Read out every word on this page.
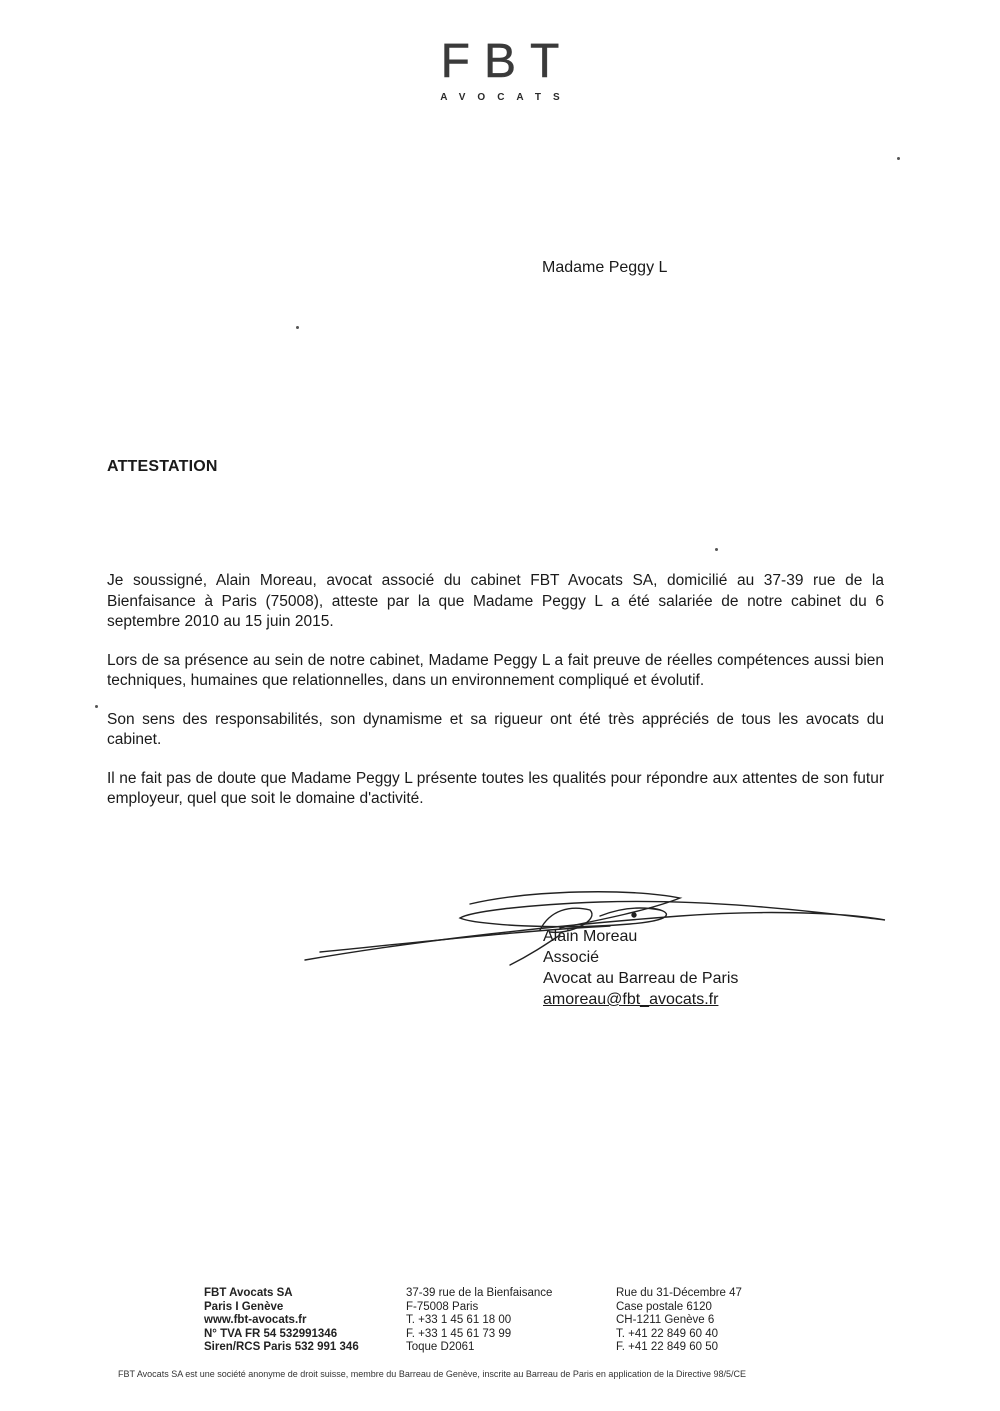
FBT
AVOCATS
Madame Peggy L
ATTESTATION

Je soussigné, Alain Moreau, avocat associé du cabinet FBT Avocats SA, domicilié au 37-39 rue de la Bienfaisance à Paris (75008), atteste par la que Madame Peggy L a été salariée de notre cabinet du 6 septembre 2010 au 15 juin 2015.

Lors de sa présence au sein de notre cabinet, Madame Peggy L a fait preuve de réelles compétences aussi bien techniques, humaines que relationnelles, dans un environnement compliqué et évolutif.

Son sens des responsabilités, son dynamisme et sa rigueur ont été très appréciés de tous les avocats du cabinet.

Il ne fait pas de doute que Madame Peggy L présente toutes les qualités pour répondre aux attentes de son futur employeur, quel que soit le domaine d'activité.

Alain Moreau
Associé
Avocat au Barreau de Paris
amoreau@fbt_avocats.fr
FBT Avocats SA
Paris I Genève
www.fbt-avocats.fr
N° TVA FR 54 532991346
Siren/RCS Paris 532 991 346
37-39 rue de la Bienfaisance
F-75008 Paris
T. +33 1 45 61 18 00
F. +33 1 45 61 73 99
Toque D2061
Rue du 31-Décembre 47
Case postale 6120
CH-1211 Genève 6
T. +41 22 849 60 40
F. +41 22 849 60 50
FBT Avocats SA est une société anonyme de droit suisse, membre du Barreau de Genève, inscrite au Barreau de Paris en application de la Directive 98/5/CE
